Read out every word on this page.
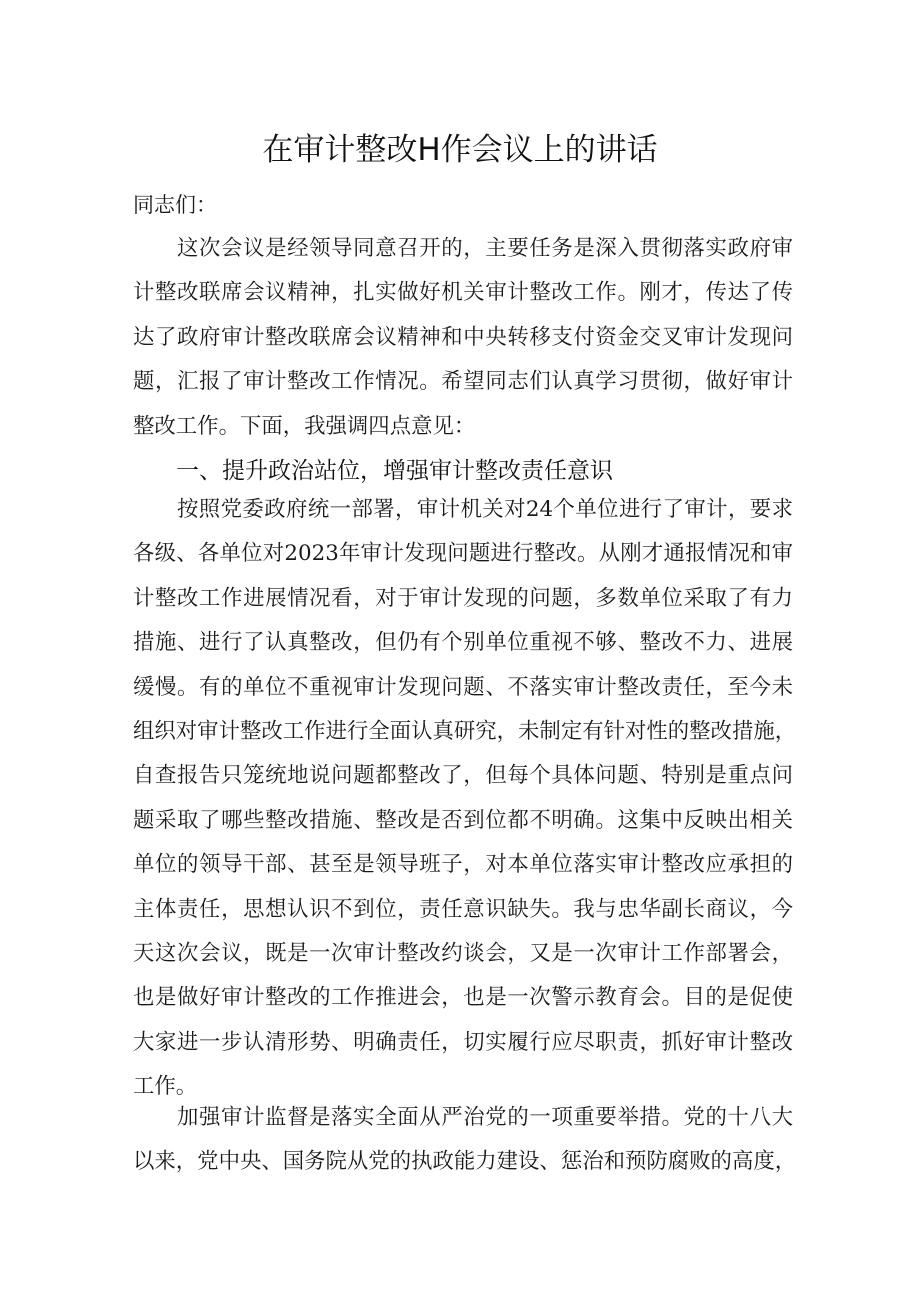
在审计整改H作会议上的讲话

同志们：

这次会议是经领导同意召开的，主要任务是深入贯彻落实政府审
计整改联席会议精神，扎实做好机关审计整改工作。刚才，传达了传
达了政府审计整改联席会议精神和中央转移支付资金交叉审计发现问
题，汇报了审计整改工作情况。希望同志们认真学习贯彻，做好审计
整改工作。下面，我强调四点意见：
一、提升政治站位，增强审计整改责任意识
按照党委政府统一部署，审计机关对24个单位进行了审计，要求
各级、各单位对2023年审计发现问题进行整改。从刚才通报情况和审
计整改工作进展情况看，对于审计发现的问题，多数单位采取了有力
措施、进行了认真整改，但仍有个别单位重视不够、整改不力、进展
缓慢。有的单位不重视审计发现问题、不落实审计整改责任，至今未
组织对审计整改工作进行全面认真研究，未制定有针对性的整改措施，
自查报告只笼统地说问题都整改了，但每个具体问题、特别是重点问
题采取了哪些整改措施、整改是否到位都不明确。这集中反映出相关
单位的领导干部、甚至是领导班子，对本单位落实审计整改应承担的
主体责任，思想认识不到位，责任意识缺失。我与忠华副长商议，今
天这次会议，既是一次审计整改约谈会，又是一次审计工作部署会，
也是做好审计整改的工作推进会，也是一次警示教育会。目的是促使
大家进一步认清形势、明确责任，切实履行应尽职责，抓好审计整改
工作。
加强审计监督是落实全面从严治党的一项重要举措。党的十八大
以来，党中央、国务院从党的执政能力建设、惩治和预防腐败的高度，
